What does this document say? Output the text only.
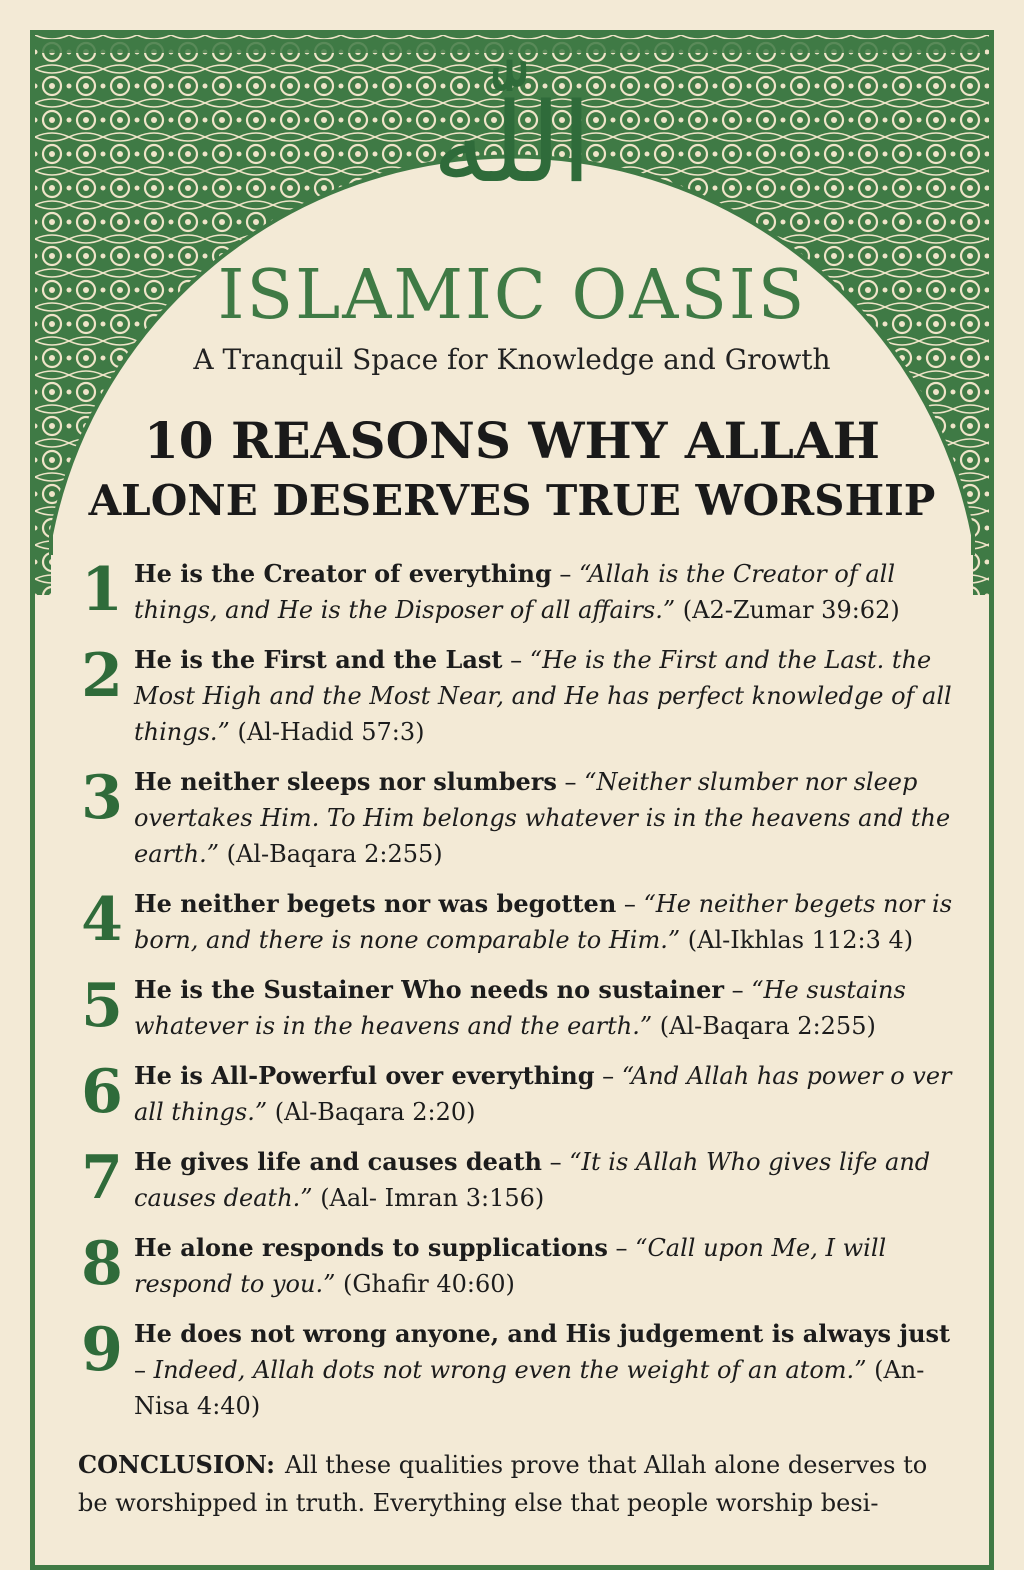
اللّٰه
ISLAMIC OASIS
A Tranquil Space for Knowledge and Growth
10 REASONS WHY ALLAH
ALONE DESERVES TRUE WORSHIP
1 He is the Creator of everything – “Allah is the Creator of all things, and He is the Disposer of all affairs.” (A2-Zumar 39:62)
2 He is the First and the Last – “He is the First and the Last. the Most High and the Most Near, and He has perfect knowledge of all things.” (Al-Hadid 57:3)
3 He neither sleeps nor slumbers – “Neither slumber nor sleep overtakes Him. To Him belongs whatever is in the heavens and the earth.” (Al-Baqara 2:255)
4 He neither begets nor was begotten – “He neither begets nor is born, and there is none comparable to Him.” (Al-Ikhlas 112:3 4)
5 He is the Sustainer Who needs no sustainer – “He sustains whatever is in the heavens and the earth.” (Al-Baqara 2:255)
6 He is All-Powerful over everything – “And Allah has power o ver all things.” (Al-Baqara 2:20)
7 He gives life and causes death – “It is Allah Who gives life and causes death.” (Aal- Imran 3:156)
8 He alone responds to supplications – “Call upon Me, I will respond to you.” (Ghafir 40:60)
9 He does not wrong anyone, and His judgement is always just – Indeed, Allah dots not wrong even the weight of an atom.” (An-Nisa 4:40)
CONCLUSION: All these qualities prove that Allah alone deserves to be worshipped in truth. Everything else that people worship besi-
